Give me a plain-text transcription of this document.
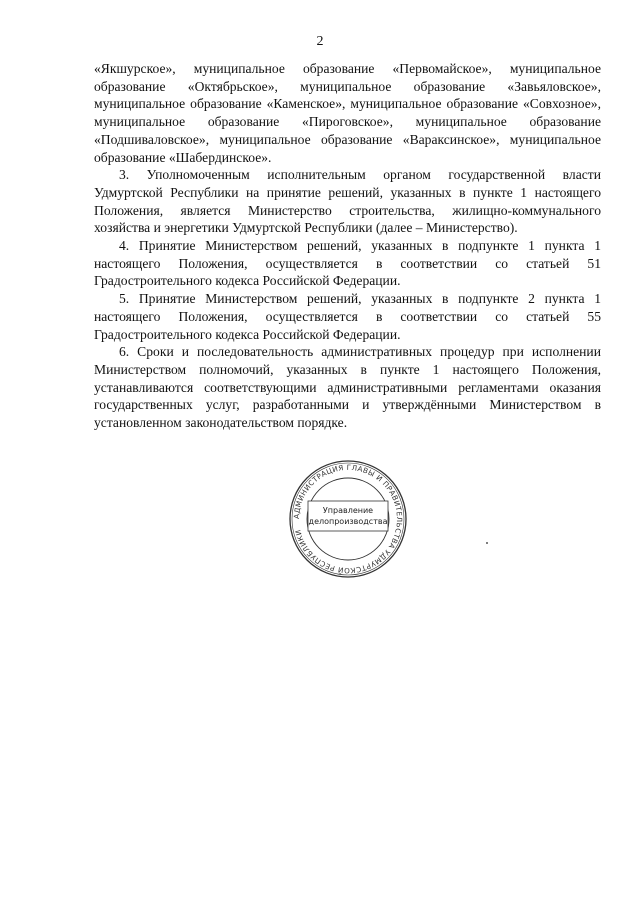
2

«Якшурское», муниципальное образование «Первомайское», муниципальное образование «Октябрьское», муниципальное образование «Завьяловское», муниципальное образование «Каменское», муниципальное образование «Совхозное», муниципальное образование «Пироговское», муниципальное образование «Подшиваловское», муниципальное образование «Вараксинское», муниципальное образование «Шабердинское».

3. Уполномоченным исполнительным органом государственной власти Удмуртской Республики на принятие решений, указанных в пункте 1 настоящего Положения, является Министерство строительства, жилищно-коммунального хозяйства и энергетики Удмуртской Республики (далее – Министерство).

4. Принятие Министерством решений, указанных в подпункте 1 пункта 1 настоящего Положения, осуществляется в соответствии со статьей 51 Градостроительного кодекса Российской Федерации.

5. Принятие Министерством решений, указанных в подпункте 2 пункта 1 настоящего Положения, осуществляется в соответствии со статьей 55 Градостроительного кодекса Российской Федерации.

6. Сроки и последовательность административных процедур при исполнении Министерством полномочий, указанных в пункте 1 настоящего Положения, устанавливаются соответствующими административными регламентами оказания государственных услуг, разработанными и утверждёнными Министерством в установленном законодательством порядке.

АДМИНИСТРАЦИЯ ГЛАВЫ И ПРАВИТЕЛЬСТВА УДМУРТСКОЙ РЕСПУБЛИКИ
Управление
делопроизводства
